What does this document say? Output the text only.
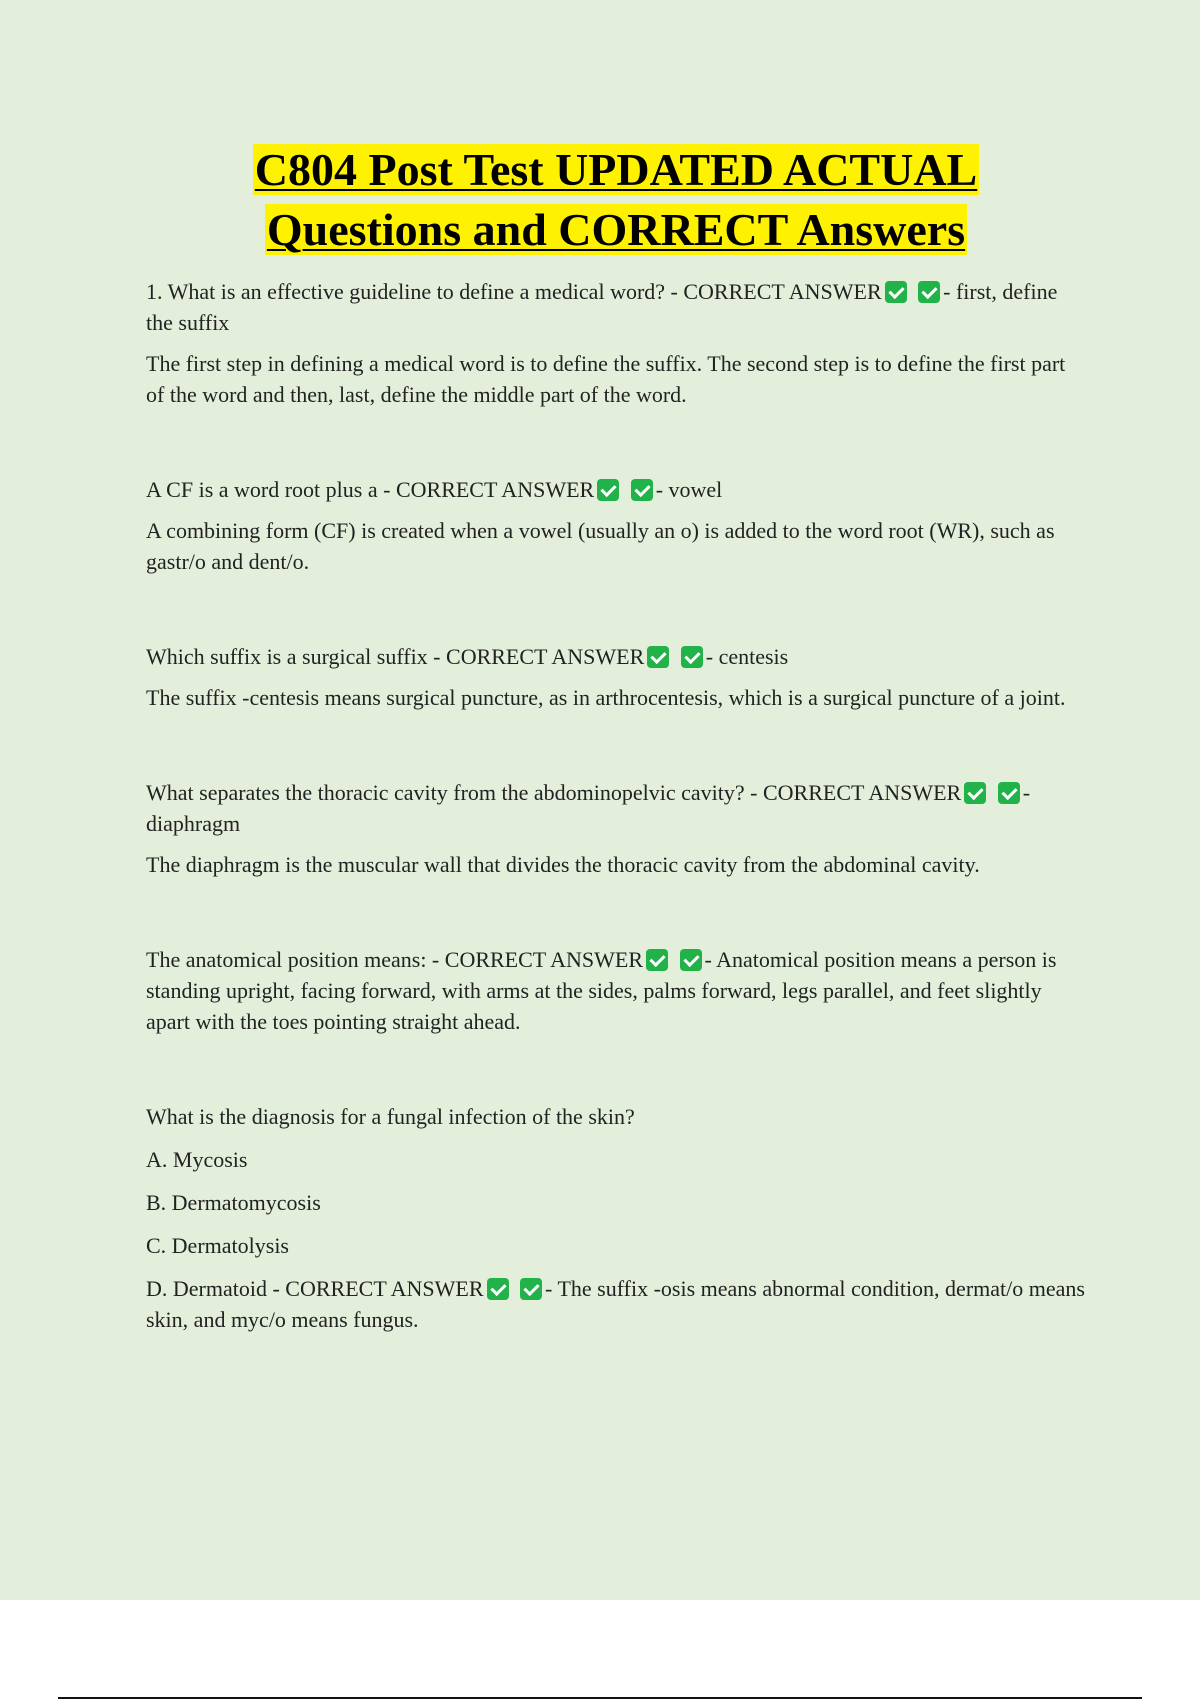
C804 Post Test UPDATED ACTUAL
Questions and CORRECT Answers

1. What is an effective guideline to define a medical word? - CORRECT ANSWER	- first, define the suffix

The first step in defining a medical word is to define the suffix. The second step is to define the first part of the word and then, last, define the middle part of the word.

A CF is a word root plus a - CORRECT ANSWER	- vowel

A combining form (CF) is created when a vowel (usually an o) is added to the word root (WR), such as gastr/o and dent/o.

Which suffix is a surgical suffix - CORRECT ANSWER	- centesis

The suffix -centesis means surgical puncture, as in arthrocentesis, which is a surgical puncture of a joint.

What separates the thoracic cavity from the abdominopelvic cavity? - CORRECT ANSWER	- diaphragm

The diaphragm is the muscular wall that divides the thoracic cavity from the abdominal cavity.

The anatomical position means: - CORRECT ANSWER	- Anatomical position means a person is standing upright, facing forward, with arms at the sides, palms forward, legs parallel, and feet slightly apart with the toes pointing straight ahead.

What is the diagnosis for a fungal infection of the skin?

A. Mycosis

B. Dermatomycosis

C. Dermatolysis

D. Dermatoid - CORRECT ANSWER	- The suffix -osis means abnormal condition, dermat/o means skin, and myc/o means fungus.
